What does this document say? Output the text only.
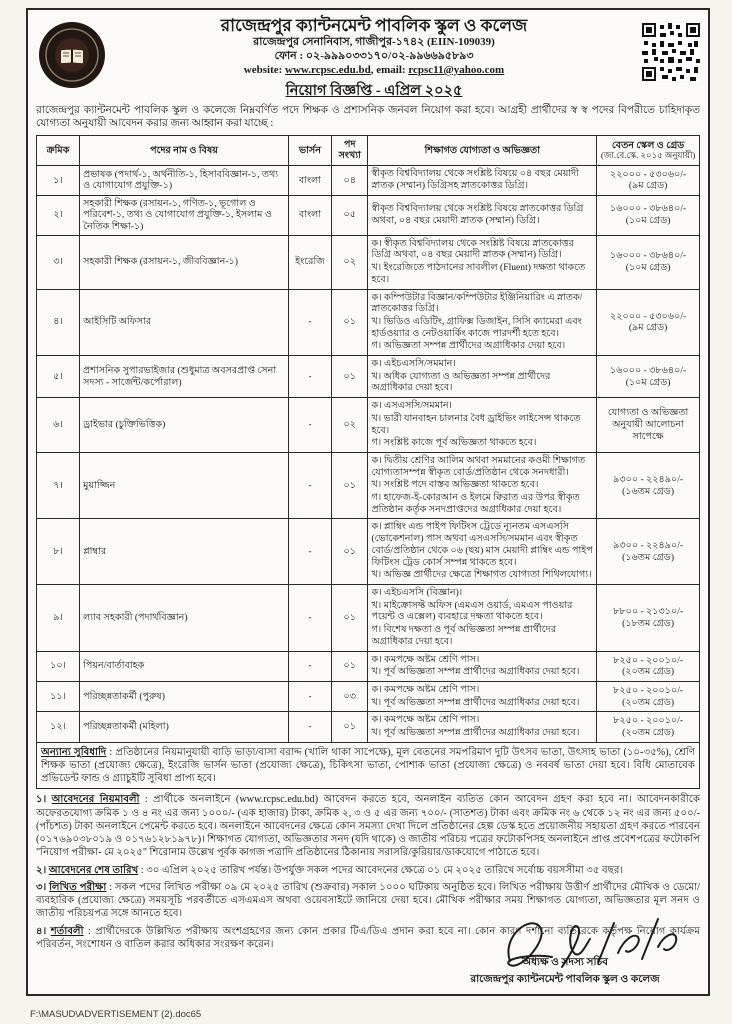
রাজেন্দ্রপুর ক্যান্টনমেন্ট পাবলিক স্কুল ও কলেজ
রাজেন্দ্রপুর সেনানিবাস, গাজীপুর-১৭৪২ (EIIN-109039)
ফোন : ০২-৯৯৯০৩৩১৭০/০২-৯৯৬৬৯৫৮৯৩
website: www.rcpsc.edu.bd, email: rcpsc11@yahoo.com
নিয়োগ বিজ্ঞপ্তি - এপ্রিল ২০২৫
রাজেন্দ্রপুর ক্যান্টনমেন্ট পাবলিক স্কুল ও কলেজে নিম্নবর্ণিত পদে শিক্ষক ও প্রশাসনিক জনবল নিয়োগ করা হবে। আগ্রহী প্রার্থীদের স্ব স্ব পদের বিপরীতে চাহিদাকৃত যোগ্যতা অনুযায়ী আবেদন করার জন্য আহ্বান করা যাচ্ছে :
ক্রমিক	পদের নাম ও বিষয়	ভার্সন	পদ সংখ্যা	শিক্ষাগত যোগ্যতা ও অভিজ্ঞতা	বেতন স্কেল ও গ্রেড
(জা.বে.স্কে. ২০১৫ অনুযায়ী)

১।	প্রভাষক (পদার্থ-১, অর্থনীতি-১, হিসাববিজ্ঞান-১, তথ্য ও যোগাযোগ প্রযুক্তি-১)	বাংলা	০৪	স্বীকৃত বিশ্ববিদ্যালয় থেকে সংশ্লিষ্ট বিষয়ে ০৪ বছর মেয়াদী স্নাতক (সম্মান) ডিগ্রিসহ স্নাতকোত্তর ডিগ্রি।	২২০০০ - ৫৩০৬০/-
(৯ম গ্রেড)

২।	সহকারী শিক্ষক (রসায়ন-১, গণিত-১, ভূগোল ও পরিবেশ-১, তথ্য ও যোগাযোগ প্রযুক্তি-১, ইসলাম ও নৈতিক শিক্ষা-১)	বাংলা	০৫	স্বীকৃত বিশ্ববিদ্যালয় থেকে সংশ্লিষ্ট বিষয়ে স্নাতকোত্তর ডিগ্রি অথবা, ০৪ বছর মেয়াদী স্নাতক (সম্মান) ডিগ্রি।	১৬০০০ - ৩৮৬৪০/-
(১০ম গ্রেড)

৩।	সহকারী শিক্ষক (রসায়ন-১, জীববিজ্ঞান-১)	ইংরেজি	০২	
ক। স্বীকৃত বিশ্ববিদ্যালয় থেকে সংশ্লিষ্ট বিষয়ে স্নাতকোত্তর ডিগ্রি অথবা, ০৪ বছর মেয়াদী স্নাতক (সম্মান) ডিগ্রি।
খ। ইংরেজিতে পাঠদানের সাবলীল (Fluent) দক্ষতা থাকতে হবে।

১৬০০০ - ৩৮৬৪০/-
(১০ম গ্রেড)

৪।	আইসিটি অফিসার	-	০১	
ক। কম্পিউটার বিজ্ঞান/কম্পিউটার ইঞ্জিনিয়ারিং এ স্নাতক/স্নাতকোত্তর ডিগ্রি।
খ। ভিডিও এডিটিং, গ্রাফিক্স ডিজাইন, সিসি ক্যামেরা এবং হার্ডওয়্যার ও নেটওয়ার্কিং কাজে পারদর্শী হতে হবে।
গ। অভিজ্ঞতা সম্পন্ন প্রার্থীদের অগ্রাধিকার দেয়া হবে।

২২০০০ - ৫৩০৬০/-
(৯ম গ্রেড)

৫।	প্রশাসনিক সুপারভাইজার (শুধুমাত্র অবসরপ্রাপ্ত সেনা সদস্য - সার্জেন্ট/কর্পোরাল)	-	০১	
ক। এইচএসসি/সমমান।
খ। অধিক যোগ্যতা ও অভিজ্ঞতা সম্পন্ন প্রার্থীদের অগ্রাধিকার দেয়া হবে।

১৬০০০ - ৩৮৬৪০/-
(১০ম গ্রেড)

৬।	ড্রাইভার (চুক্তিভিত্তিক)	-	০২	
ক। এসএসসি/সমমান।
খ। ভারী যানবাহন চালনার বৈধ ড্রাইভিং লাইসেন্স থাকতে হবে।
গ। সংশ্লিষ্ট কাজে পূর্ব অভিজ্ঞতা থাকতে হবে।

যোগ্যতা ও অভিজ্ঞতা
অনুযায়ী আলোচনা
সাপেক্ষে

৭।	মুয়াজ্জিন	-	০১	
ক। দ্বিতীয় শ্রেণির আলিম অথবা সমমানের কওমী শিক্ষাগত যোগ্যতাসম্পন্ন স্বীকৃত বোর্ড/প্রতিষ্ঠান থেকে সনদধারী।
খ। সংশ্লিষ্ট পদে বাস্তব অভিজ্ঞতা থাকতে হবে।
গ। হাফেজ-ই-কোরআন ও ইলমে ক্বিরাত এর উপর স্বীকৃত প্রতিষ্ঠান কর্তৃক সনদপ্রাপ্তদের অগ্রাধিকার দেয়া হবে।

৯৩০০ - ২২৪৯০/-
(১৬তম গ্রেড)

৮।	প্লাম্বার	-	০১	
ক। প্লাম্বিং এন্ড পাইপ ফিটিংস ট্রেডে ন্যূনতম এসএসসি (ভোকেশনাল) পাস অথবা এসএসসি/সমমান এবং স্বীকৃত বোর্ড/প্রতিষ্ঠান থেকে ০৬ (ছয়) মাস মেয়াদী প্লাম্বিং এন্ড পাইপ ফিটিংস ট্রেড কোর্স সম্পন্ন থাকতে হবে।
খ। অভিজ্ঞ প্রার্থীদের ক্ষেত্রে শিক্ষাগত যোগ্যতা শিথিলযোগ্য।

৯৩০০ - ২২৪৯০/-
(১৬তম গ্রেড)

৯।	ল্যাব সহকারী (পদার্থবিজ্ঞান)	-	০১	
ক। এইচএসসি (বিজ্ঞান)।
খ। মাইক্রোসফ্ট অফিস (এমএস ওয়ার্ড, এমএস পাওয়ার পয়েন্ট ও এক্সেল) ব্যবহারে দক্ষতা থাকতে হবে।
গ। বিশেষ দক্ষতা ও পূর্ব অভিজ্ঞতা সম্পন্ন প্রার্থীদের অগ্রাধিকার দেয়া হবে।

৮৮০০ - ২১৩১০/-
(১৮তম গ্রেড)

১০।	পিয়ন/বার্তাবাহক	-	০১	
ক। কমপক্ষে অষ্টম শ্রেণি পাস।
খ। পূর্ব অভিজ্ঞতা সম্পন্ন প্রার্থীদের অগ্রাধিকার দেয়া হবে।

৮২৫০ - ২০০১০/-
(২০তম গ্রেড)

১১।	পরিচ্ছন্নতাকর্মী (পুরুষ)	-	০৩	
ক। কমপক্ষে অষ্টম শ্রেণি পাস।
খ। পূর্ব অভিজ্ঞতা সম্পন্ন প্রার্থীদের অগ্রাধিকার দেয়া হবে।

৮২৫০ - ২০০১০/-
(২০তম গ্রেড)

১২।	পরিচ্ছন্নতাকর্মী (মহিলা)	-	০১	
ক। কমপক্ষে অষ্টম শ্রেণি পাস।
খ। পূর্ব অভিজ্ঞতা সম্পন্ন প্রার্থীদের অগ্রাধিকার দেয়া হবে।

৮২৫০ - ২০০১০/-
(২০তম গ্রেড)
অন্যান্য সুবিধাদি : প্রতিষ্ঠানের নিয়মানুযায়ী বাড়ি ভাড়া/বাসা বরাদ্দ (খালি থাকা সাপেক্ষে), মূল বেতনের সমপরিমাণ দুটি উৎসব ভাতা, উৎসাহ ভাতা (১০-৩৫%), শ্রেণি শিক্ষক ভাতা (প্রযোজ্য ক্ষেত্রে), ইংরেজি ভার্সন ভাতা (প্রযোজ্য ক্ষেত্রে), চিকিৎসা ভাতা, পোশাক ভাতা (প্রযোজ্য ক্ষেত্রে) ও নববর্ষ ভাতা দেয়া হবে। বিধি মোতাবেক প্রভিডেন্ট ফান্ড ও গ্র্যাচুইটি সুবিধা প্রাপ্য হবে।
১। আবেদনের নিয়মাবলী : প্রার্থীকে অনলাইনে (www.rcpsc.edu.bd) আবেদন করতে হবে, অনলাইন ব্যতিত কোন আবেদন গ্রহণ করা হবে না। আবেদনকারীকে অফেরতযোগ্য ক্রমিক ১ ও ৪ নং এর জন্য ১০০০/- (এক হাজার) টাকা, ক্রমিক ২, ৩ ও ৫ এর জন্য ৭০০/- (সাতশত) টাকা এবং ক্রমিক নং ৬ থেকে ১২ নং এর জন্য ৫০০/- (পাঁচশত) টাকা অনলাইনে পেমেন্ট করতে হবে। অনলাইনে আবেদনের ক্ষেত্রে কোন সমস্যা দেখা দিলে প্রতিষ্ঠানের হেল্প ডেস্ক হতে প্রয়োজনীয় সহায়তা গ্রহণ করতে পারবেন (০১৭৬৯০৩৮০১৯ ও ০১৭৬১২৮১৯৭৮)। শিক্ষাগত যোগ্যতা, অভিজ্ঞতার সনদ (যদি থাকে) ও জাতীয় পরিচয় পত্রের ফটোকপিসহ অনলাইনে প্রাপ্ত প্রবেশপত্রের ফটোকপি "নিয়োগ পরীক্ষা- মে ২০২৫" শিরোনাম উল্লেখ পূর্বক কাগজ পত্রাদি প্রতিষ্ঠানের ঠিকানায় সরাসরি/কুরিয়ার/ডাকযোগে পাঠাতে হবে।
২। আবেদনের শেষ তারিখ : ৩০ এপ্রিল ২০২৫ তারিখ পর্যন্ত। উপর্যুক্ত সকল পদের আবেদনের ক্ষেত্রে ০১ মে ২০২৫ তারিখে সর্বোচ্চ বয়সসীমা ৩৫ বছর।
৩। লিখিত পরীক্ষা : সকল পদের লিখিত পরীক্ষা ০৯ মে ২০২৫ তারিখ (শুক্রবার) সকাল ১০০০ ঘটিকায় অনুষ্ঠিত হবে। লিখিত পরীক্ষায় উত্তীর্ণ প্রার্থীদের মৌখিক ও ডেমো/ব্যবহারিক (প্রযোজ্য ক্ষেত্রে) সময়সূচি পরবর্তীতে এসএমএস অথবা ওয়েবসাইটে জানিয়ে দেয়া হবে। মৌখিক পরীক্ষার সময় শিক্ষাগত যোগ্যতা, অভিজ্ঞতার মূল সনদ ও জাতীয় পরিচয়পত্র সঙ্গে আনতে হবে।
৪। শর্তাবলী : প্রার্থীদেরকে উল্লিখিত পরীক্ষায় অংশগ্রহণের জন্য কোন প্রকার টিএ/ডিএ প্রদান করা হবে না। কোন কারণ দর্শানো ব্যতিরেকে কর্তৃপক্ষ নিয়োগ কার্যক্রম পরিবর্তন, সংশোধন ও বাতিল করার অধিকার সংরক্ষণ করেন।
অধ্যক্ষ ও সদস্য সচিব
রাজেন্দ্রপুর ক্যান্টনমেন্ট পাবলিক স্কুল ও কলেজ
F:\MASUD\ADVERTISEMENT (2).doc65
